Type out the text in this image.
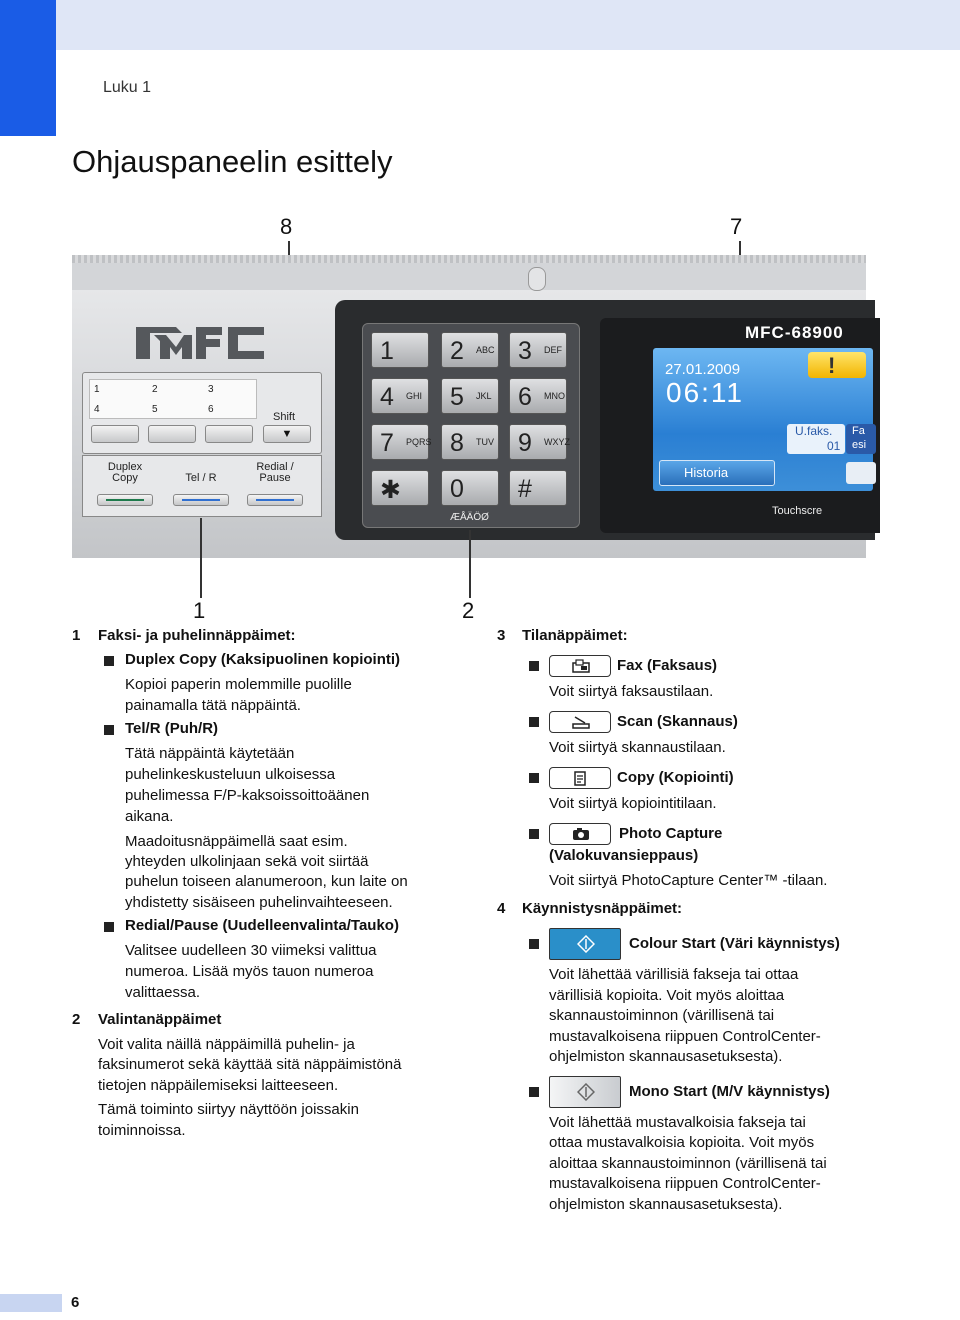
Luku 1
Ohjauspaneelin esittely
8	7
1	2	3
4	5	6
Shift
▼
Duplex
Copy	Tel / R
Redial /
Pause
1 2 ABC 3 DEF
4 GHI 5 JKL 6 MNO
7 PQRS 8 TUV 9 WXYZ
✱ 0 #
ÆÅÄÖØ
MFC-68900
27.01.2009
06:11
!
U.faks.
01
Fa
esi
Historia
Touchscre
1	2
1 Faksi- ja puhelinnäppäimet:
Duplex Copy (Kaksipuolinen kopiointi)
Kopioi paperin molemmille puolille
painamalla tätä näppäintä.
Tel/R (Puh/R)
Tätä näppäintä käytetään
puhelinkeskusteluun ulkoisessa
puhelimessa F/P-kaksoissoittoäänen
aikana.
Maadoitusnäppäimellä saat esim.
yhteyden ulkolinjaan sekä voit siirtää
puhelun toiseen alanumeroon, kun laite on
yhdistetty sisäiseen puhelinvaihteeseen.
Redial/Pause (Uudelleenvalinta/Tauko)
Valitsee uudelleen 30 viimeksi valittua
numeroa. Lisää myös tauon numeroa
valittaessa.
2 Valintanäppäimet
Voit valita näillä näppäimillä puhelin- ja
faksinumerot sekä käyttää sitä näppäimistönä
tietojen näppäilemiseksi laitteeseen.
Tämä toiminto siirtyy näyttöön joissakin
toiminnoissa.
3 Tilanäppäimet:
Fax (Faksaus)
Voit siirtyä faksaustilaan.
Scan (Skannaus)
Voit siirtyä skannaustilaan.
Copy (Kopiointi)
Voit siirtyä kopiointitilaan.
Photo Capture
(Valokuvansieppaus)
Voit siirtyä PhotoCapture Center™ -tilaan.
4 Käynnistysnäppäimet:
Colour Start (Väri käynnistys)
Voit lähettää värillisiä fakseja tai ottaa
värillisiä kopioita. Voit myös aloittaa
skannaustoiminnon (värillisenä tai
mustavalkoisena riippuen ControlCenter-
ohjelmiston skannausasetuksesta).
Mono Start (M/V käynnistys)
Voit lähettää mustavalkoisia fakseja tai
ottaa mustavalkoisia kopioita. Voit myös
aloittaa skannaustoiminnon (värillisenä tai
mustavalkoisena riippuen ControlCenter-
ohjelmiston skannausasetuksesta).
6
